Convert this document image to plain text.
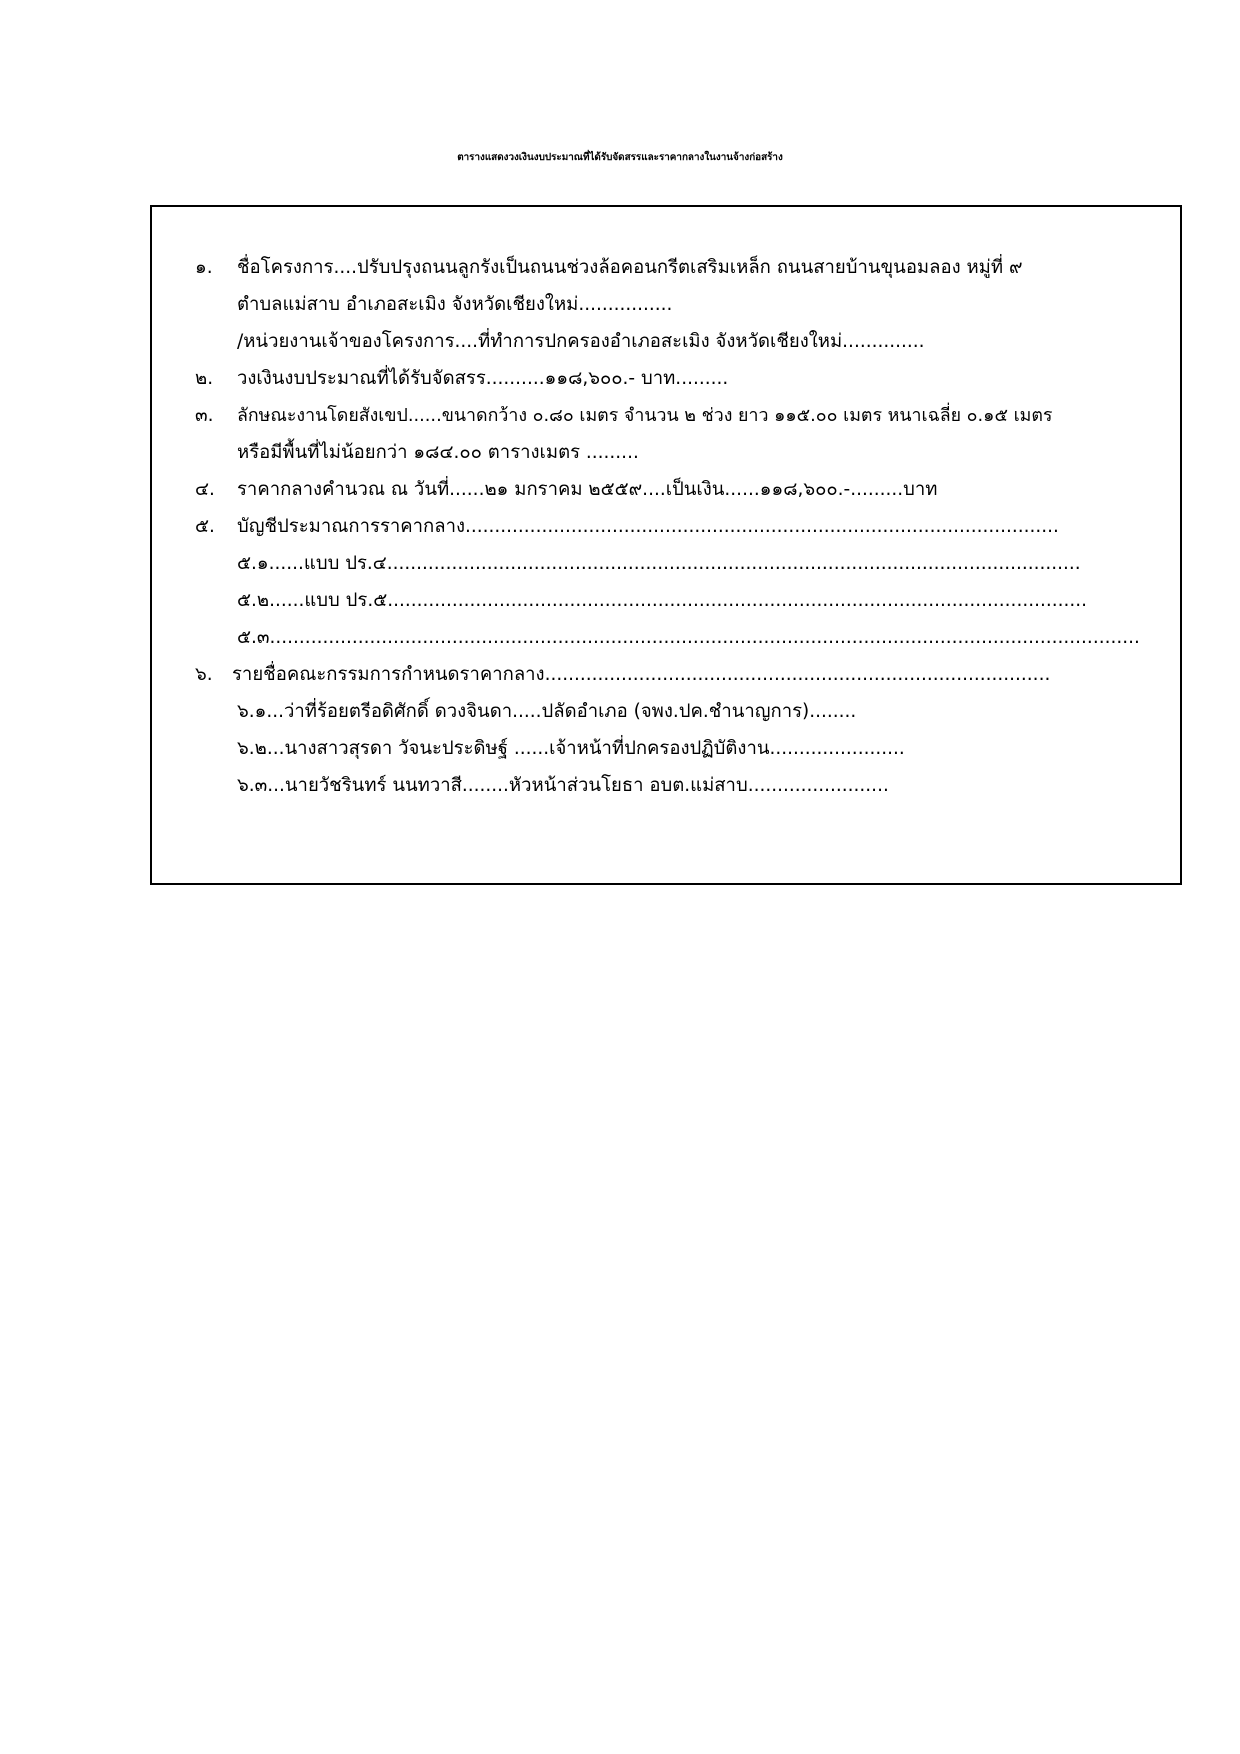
ตารางแสดงวงเงินงบประมาณที่ได้รับจัดสรรและราคากลางในงานจ้างก่อสร้าง
๑. ชื่อโครงการ....ปรับปรุงถนนลูกรังเป็นถนนช่วงล้อคอนกรีตเสริมเหล็ก ถนนสายบ้านขุนอมลอง หมู่ที่ ๙
ตำบลแม่สาบ อำเภอสะเมิง จังหวัดเชียงใหม่................
/หน่วยงานเจ้าของโครงการ....ที่ทำการปกครองอำเภอสะเมิง จังหวัดเชียงใหม่..............
๒. วงเงินงบประมาณที่ได้รับจัดสรร..........๑๑๘,๖๐๐.- บาท.........
๓. ลักษณะงานโดยสังเขป......ขนาดกว้าง ๐.๘๐ เมตร จำนวน ๒ ช่วง ยาว ๑๑๕.๐๐ เมตร หนาเฉลี่ย ๐.๑๕ เมตร
หรือมีพื้นที่ไม่น้อยกว่า ๑๘๔.๐๐ ตารางเมตร .........
๔. ราคากลางคำนวณ ณ วันที่......๒๑ มกราคม ๒๕๕๙....เป็นเงิน......๑๑๘,๖๐๐.-.........บาท
๕. บัญชีประมาณการราคากลาง.....................................................................................................
๕.๑......แบบ ปร.๔......................................................................................................................
๕.๒......แบบ ปร.๕.......................................................................................................................
๕.๓....................................................................................................................................................
๖. รายชื่อคณะกรรมการกำหนดราคากลาง......................................................................................
๖.๑...ว่าที่ร้อยตรีอดิศักดิ์ ดวงจินดา.....ปลัดอำเภอ (จพง.ปค.ชำนาญการ)........
๖.๒...นางสาวสุรดา วัจนะประดิษฐ์ ......เจ้าหน้าที่ปกครองปฏิบัติงาน.......................
๖.๓...นายวัชรินทร์ นนทวาสี........หัวหน้าส่วนโยธา อบต.แม่สาบ........................
